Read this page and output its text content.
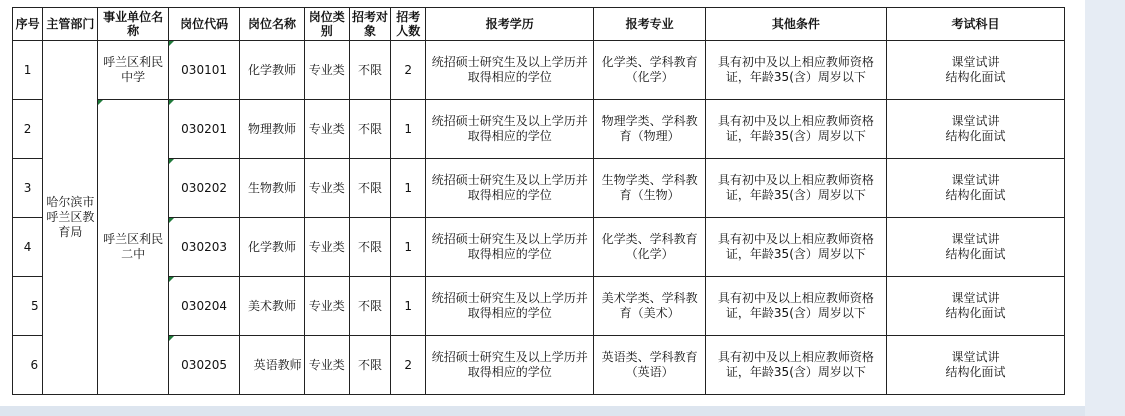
序号	主管部门	事业单位名称	岗位代码	岗位名称	岗位类别	招考对象	招考人数	报考学历	报考专业	其他条件	考试科目
1	哈尔滨市呼兰区教育局	呼兰区利民中学	030101	化学教师	专业类	不限	2	统招硕士研究生及以上学历并取得相应的学位	化学类、学科教育（化学）	具有初中及以上相应教师资格证，年龄35(含）周岁以下	课堂试讲
结构化面试
2		呼兰区利民二中	030201	物理教师	专业类	不限	1	统招硕士研究生及以上学历并取得相应的学位	物理学类、学科教育（物理）	具有初中及以上相应教师资格证，年龄35(含）周岁以下	课堂试讲
结构化面试
3			030202	生物教师	专业类	不限	1	统招硕士研究生及以上学历并取得相应的学位	生物学类、学科教育（生物）	具有初中及以上相应教师资格证，年龄35(含）周岁以下	课堂试讲
结构化面试
4			030203	化学教师	专业类	不限	1	统招硕士研究生及以上学历并取得相应的学位	化学类、学科教育（化学）	具有初中及以上相应教师资格证，年龄35(含）周岁以下	课堂试讲
结构化面试
5			030204	美术教师	专业类	不限	1	统招硕士研究生及以上学历并取得相应的学位	美术学类、学科教育（美术）	具有初中及以上相应教师资格证，年龄35(含）周岁以下	课堂试讲
结构化面试
6			030205	英语教师	专业类	不限	2	统招硕士研究生及以上学历并取得相应的学位	英语类、学科教育（英语）	具有初中及以上相应教师资格证，年龄35(含）周岁以下	课堂试讲
结构化面试
